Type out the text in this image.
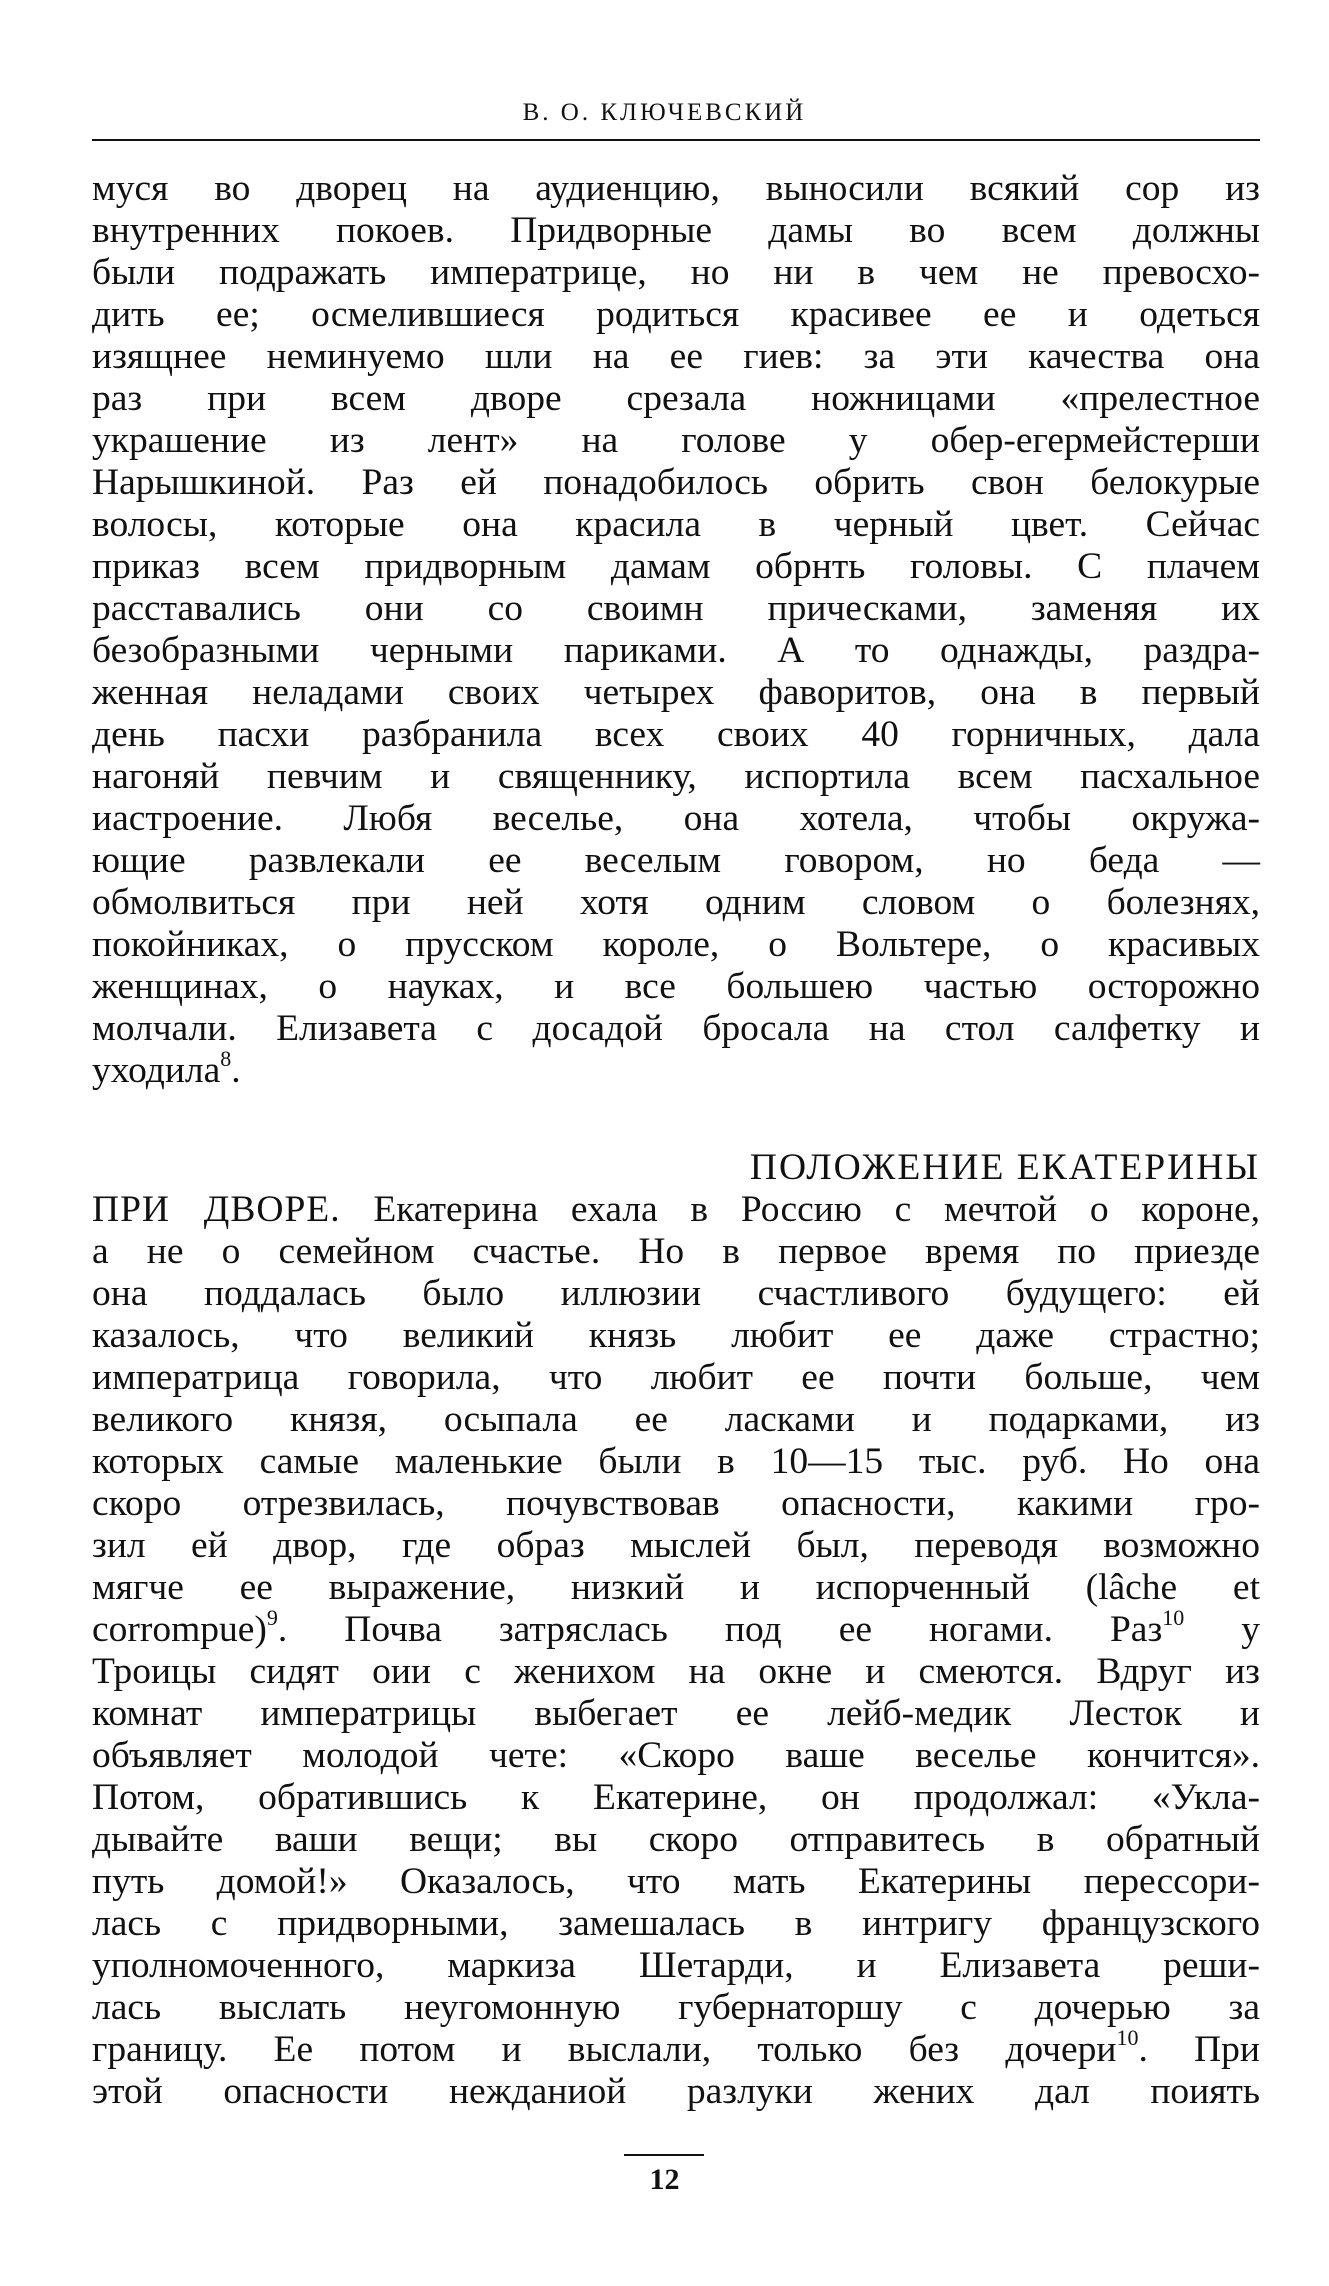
В. О. КЛЮЧЕВСКИЙ
муся во дворец на аудиенцию, выносили всякий сор из
внутренних покоев. Придворные дамы во всем должны
были подражать императрице, но ни в чем не превосхо-
дить ее; осмелившиеся родиться красивее ее и одеться
изящнее неминуемо шли на ее гиев: за эти качества она
раз при всем дворе срезала ножницами «прелестное
украшение из лент» на голове у обер-егермейстерши
Нарышкиной. Раз ей понадобилось обрить свон белокурые
волосы, которые она красила в черный цвет. Сейчас
приказ всем придворным дамам обрнть головы. С плачем
расставались они со своимн прическами, заменяя их
безобразными черными париками. А то однажды, раздра-
женная неладами своих четырех фаворитов, она в первый
день пасхи разбранила всех своих 40 горничных, дала
нагоняй певчим и священнику, испортила всем пасхальное
иастроение. Любя веселье, она хотела, чтобы окружа-
ющие развлекали ее веселым говором, но беда —
обмолвиться при ней хотя одним словом о болезнях,
покойниках, о прусском короле, о Вольтере, о красивых
женщинах, о науках, и все большею частью осторожно
молчали. Елизавета с досадой бросала на стол салфетку и
уходила$^8$.
ПОЛОЖЕНИЕ ЕКАТЕРИНЫ
ПРИ ДВОРЕ. Екатерина ехала в Россию с мечтой о короне,
а не о семейном счастье. Но в первое время по приезде
она поддалась было иллюзии счастливого будущего: ей
казалось, что великий князь любит ее даже страстно;
императрица говорила, что любит ее почти больше, чем
великого князя, осыпала ее ласками и подарками, из
которых самые маленькие были в 10—15 тыс. руб. Но она
скоро отрезвилась, почувствовав опасности, какими гро-
зил ей двор, где образ мыслей был, переводя возможно
мягче ее выражение, низкий и испорченный (lâche et
corrompue)$^9$. Почва затряслась под ее ногами. Раз$^{10}$ у
Троицы сидят оии с женихом на окне и смеются. Вдруг из
комнат императрицы выбегает ее лейб-медик Лесток и
объявляет молодой чете: «Скоро ваше веселье кончится».
Потом, обратившись к Екатерине, он продолжал: «Укла-
дывайте ваши вещи; вы скоро отправитесь в обратный
путь домой!» Оказалось, что мать Екатерины перессори-
лась с придворными, замешалась в интригу французского
уполномоченного, маркиза Шетарди, и Елизавета реши-
лась выслать неугомонную губернаторшу с дочерью за
границу. Ее потом и выслали, только без дочери$^{10}$. При
этой опасности нежданиой разлуки жених дал поиять
12
